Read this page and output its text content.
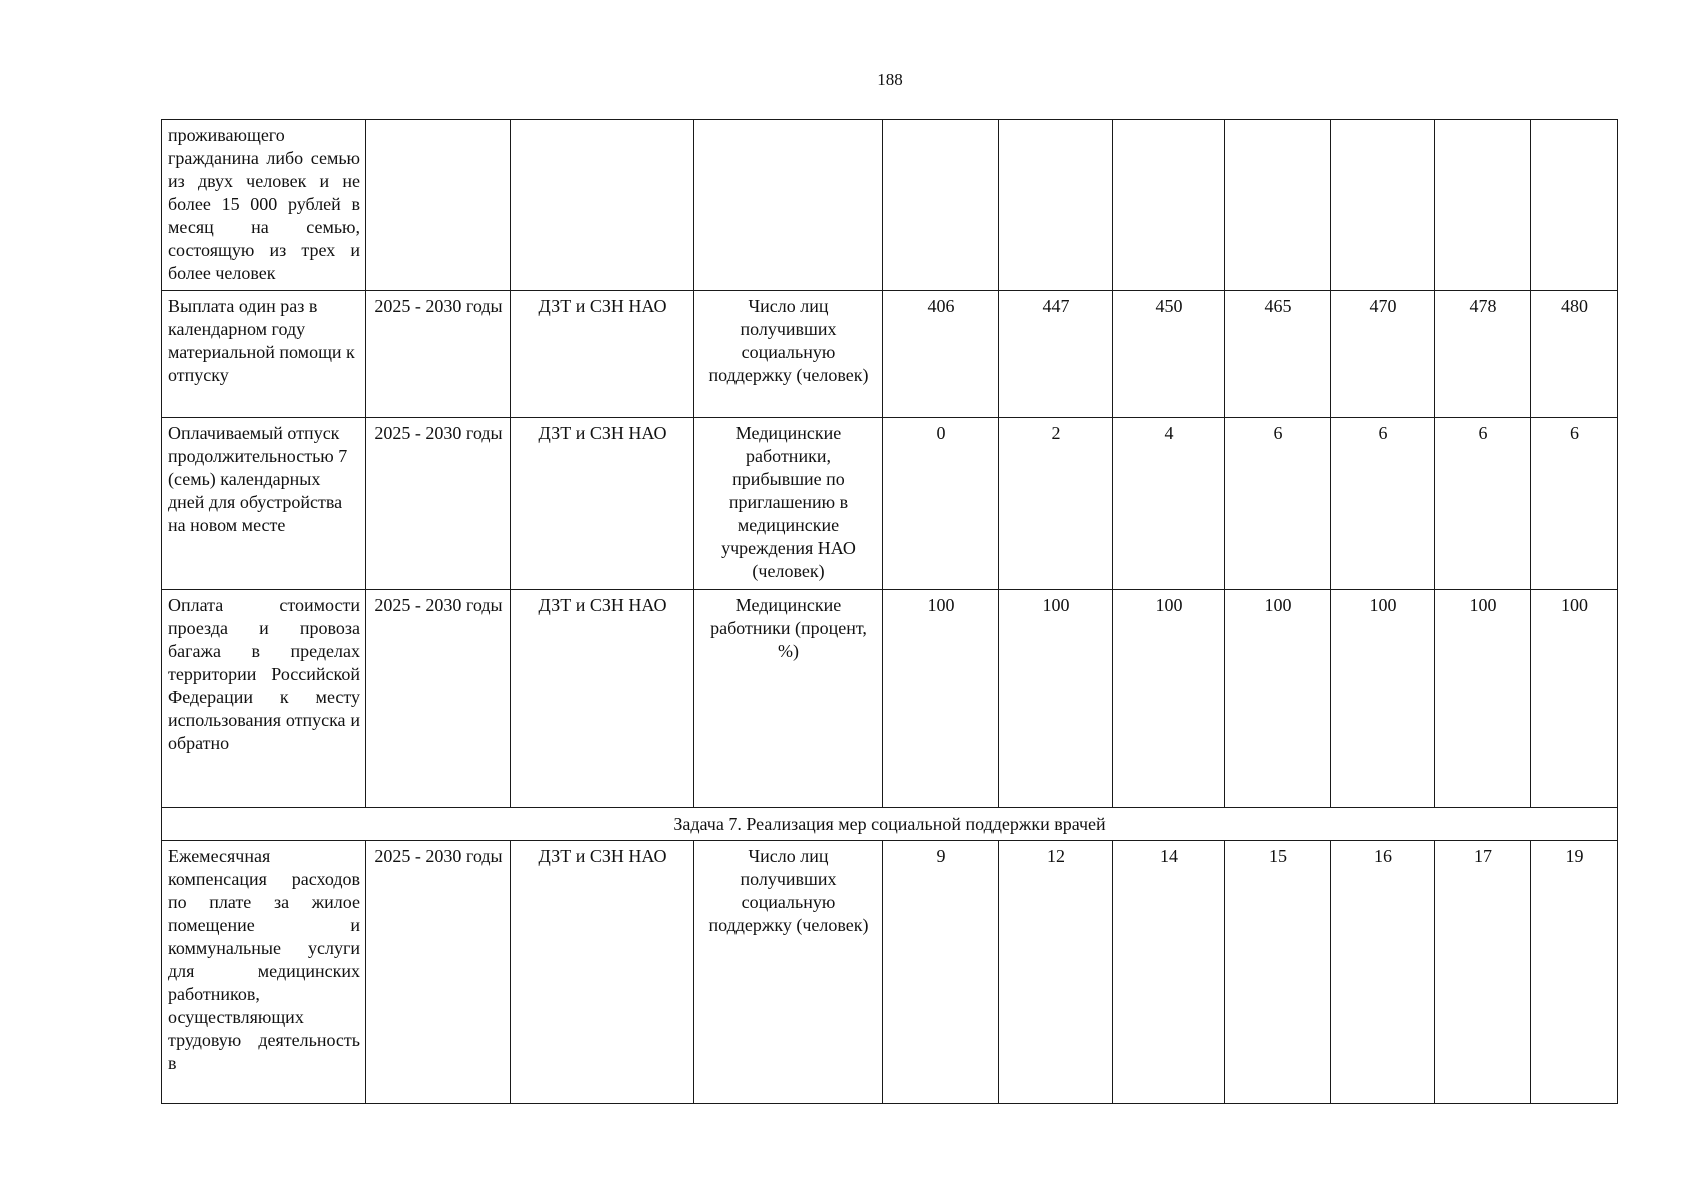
188
проживающего гражданина либо семью из двух человек и не более 15 000 рублей в месяц на семью, состоящую из трех и более человек										
Выплата один раз в календарном году материальной помощи к отпуску	2025 - 2030 годы	ДЗТ и СЗН НАО	Число лиц получивших социальную поддержку (человек)	406	447	450	465	470	478	480
Оплачиваемый отпуск продолжительностью 7 (семь) календарных дней для обустройства на новом месте	2025 - 2030 годы	ДЗТ и СЗН НАО	Медицинские работники, прибывшие по приглашению в медицинские учреждения НАО (человек)	0	2	4	6	6	6	6
Оплата стоимости проезда и провоза багажа в пределах территории Российской Федерации к месту использования отпуска и обратно	2025 - 2030 годы	ДЗТ и СЗН НАО	Медицинские работники (процент, %)	100	100	100	100	100	100	100
Задача 7. Реализация мер социальной поддержки врачей										
Ежемесячная компенсация расходов по плате за жилое помещение и коммунальные услуги для медицинских работников, осуществляющих трудовую деятельность в	2025 - 2030 годы	ДЗТ и СЗН НАО	Число лиц получивших социальную поддержку (человек)	9	12	14	15	16	17	19
